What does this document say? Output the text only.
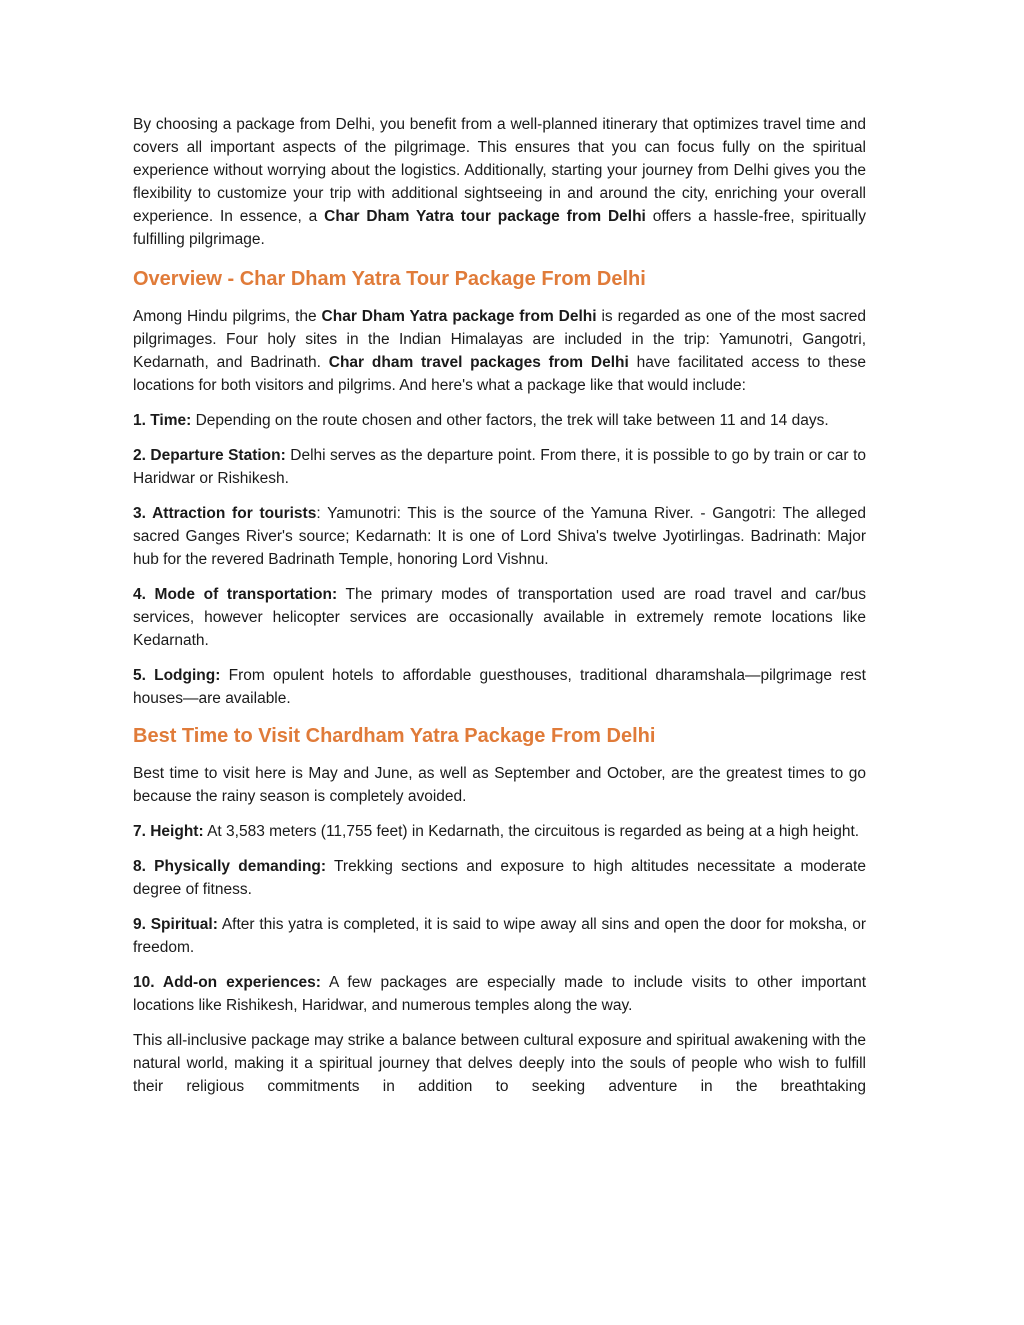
By choosing a package from Delhi, you benefit from a well-planned itinerary that optimizes travel time and covers all important aspects of the pilgrimage. This ensures that you can focus fully on the spiritual experience without worrying about the logistics. Additionally, starting your journey from Delhi gives you the flexibility to customize your trip with additional sightseeing in and around the city, enriching your overall experience. In essence, a Char Dham Yatra tour package from Delhi offers a hassle-free, spiritually fulfilling pilgrimage.

Overview - Char Dham Yatra Tour Package From Delhi

Among Hindu pilgrims, the Char Dham Yatra package from Delhi is regarded as one of the most sacred pilgrimages. Four holy sites in the Indian Himalayas are included in the trip: Yamunotri, Gangotri, Kedarnath, and Badrinath. Char dham travel packages from Delhi have facilitated access to these locations for both visitors and pilgrims. And here's what a package like that would include:

1. Time: Depending on the route chosen and other factors, the trek will take between 11 and 14 days.

2. Departure Station: Delhi serves as the departure point. From there, it is possible to go by train or car to Haridwar or Rishikesh.

3. Attraction for tourists: Yamunotri: This is the source of the Yamuna River. - Gangotri: The alleged sacred Ganges River's source; Kedarnath: It is one of Lord Shiva's twelve Jyotirlingas. Badrinath: Major hub for the revered Badrinath Temple, honoring Lord Vishnu.

4. Mode of transportation: The primary modes of transportation used are road travel and car/bus services, however helicopter services are occasionally available in extremely remote locations like Kedarnath.

5. Lodging: From opulent hotels to affordable guesthouses, traditional dharamshala—pilgrimage rest houses—are available.

Best Time to Visit Chardham Yatra Package From Delhi

Best time to visit here is May and June, as well as September and October, are the greatest times to go because the rainy season is completely avoided.

7. Height: At 3,583 meters (11,755 feet) in Kedarnath, the circuitous is regarded as being at a high height.

8. Physically demanding: Trekking sections and exposure to high altitudes necessitate a moderate degree of fitness.

9. Spiritual: After this yatra is completed, it is said to wipe away all sins and open the door for moksha, or freedom.

10. Add-on experiences: A few packages are especially made to include visits to other important locations like Rishikesh, Haridwar, and numerous temples along the way.

This all-inclusive package may strike a balance between cultural exposure and spiritual awakening with the natural world, making it a spiritual journey that delves deeply into the souls of people who wish to fulfill their religious commitments in addition to seeking adventure in the breathtaking
